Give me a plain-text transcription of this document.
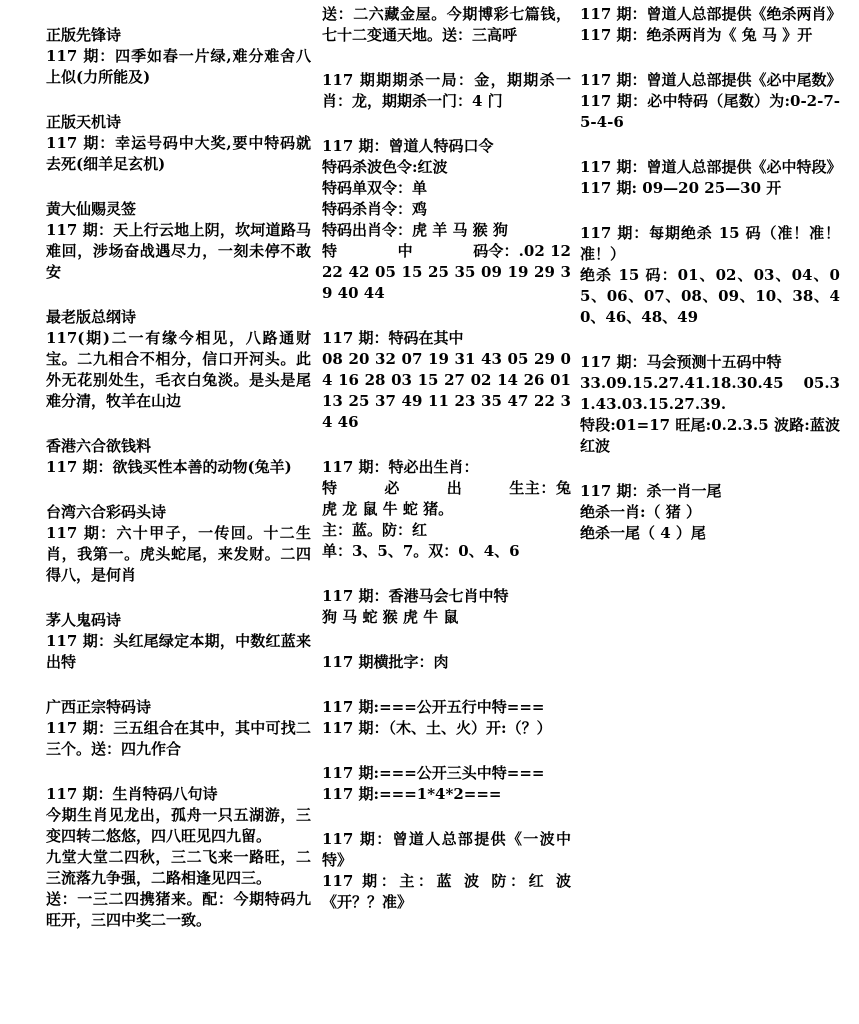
正版先锋诗
117 期：四季如春一片绿,难分难舍八上似(力所能及)
正版天机诗
117 期：幸运号码中大奖,要中特码就去死(细羊足玄机)
黄大仙赐灵签
117 期：天上行云地上阴，坎坷道路马难回，涉场奋战遇尽力，一刻未停不敢安
最老版总纲诗
117(期)二一有缘今相见，八路通财宝。二九相合不相分，信口开河头。此外无花别处生，毛衣白兔淡。是头是尾难分清，牧羊在山边
香港六合欲钱料
117 期：欲钱买性本善的动物(兔羊)
台湾六合彩码头诗
117 期：六十甲子，一传回。十二生肖，我第一。虎头蛇尾，来发财。二四得八，是何肖
茅人鬼码诗
117 期：头红尾绿定本期，中数红蓝来出特
广西正宗特码诗
117 期：三五组合在其中，其中可找二三个。送：四九作合
117 期：生肖特码八句诗
今期生肖见龙出，孤舟一只五湖游，三变四转二悠悠，四八旺见四九留。
九堂大堂二四秋，三二飞来一路旺，二三流落九争强，二路相逢见四三。
送：一三二四携猪来。配：今期特码九旺开，三四中奖二一致。
送：二六藏金屋。今期博彩七篇钱，七十二变通天地。送：三高呼
117 期期期杀一局：金，期期杀一肖：龙，期期杀一门：4 门
117 期：曾道人特码口令
特码杀波色令:红波
特码单双令：单
特码杀肖令：鸡
特码出肖令：虎 羊 马 猴 狗
特　　　　中　　　　码令：.02 12 22 42 05 15 25 35 09 19 29 39 40 44
117 期：特码在其中
08 20 32 07 19 31 43 05 29 04 16 28 03 15 27 02 14 26 01 13 25 37 49 11 23 35 47 22 34 46
117 期：特必出生肖：
特　　　必　　　出　　　生主：兔 虎 龙 鼠 牛 蛇 猪。
主：蓝。防：红
单：3、5、7。双：0、4、6
117 期：香港马会七肖中特
狗 马 蛇 猴 虎 牛 鼠
117 期横批字：肉
117 期:===公开五行中特===
117 期：（木、土、火）开:（？）
117 期:===公开三头中特===
117 期:===1*4*2===
117 期：曾道人总部提供《一波中特》
117 期：主：蓝 波 防：红 波《开？？准》
117 期：曾道人总部提供《绝杀两肖》
117 期：绝杀两肖为《 兔 马 》开
117 期：曾道人总部提供《必中尾数》
117 期：必中特码（尾数）为:0-2-7-5-4-6
117 期：曾道人总部提供《必中特段》
117 期: 09—20 25—30 开
117 期：每期绝杀 15 码（准！准！准！）
绝杀 15 码：01、02、03、04、05、06、07、08、09、10、38、40、46、48、49
117 期：马会预测十五码中特
33.09.15.27.41.18.30.45 05.31.43.03.15.27.39.
特段:01=17 旺尾:0.2.3.5 波路:蓝波红波
117 期：杀一肖一尾
绝杀一肖:（ 猪 ）
绝杀一尾（ 4 ）尾
